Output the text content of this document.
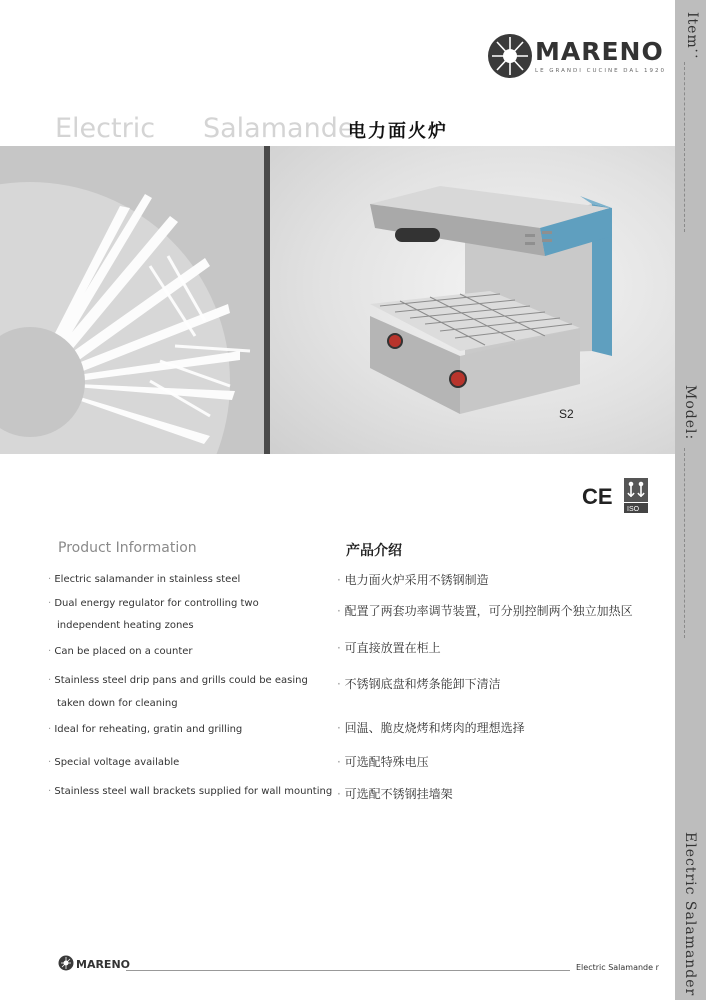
Item：
Model:
Electric Salamander
MARENO
LE GRANDI CUCINE DAL 1920
Electric Salamande
电力面火炉
S2
CE
ISO
Product Information	产品介绍
· Electric salamander in stainless steel
· Dual energy regulator for controlling two
independent heating zones
· Can be placed on a counter
· Stainless steel drip pans and grills could be easing
taken down for cleaning
· Ideal for reheating, gratin and grilling
· Special voltage available
· Stainless steel wall brackets supplied for wall mounting
· 电力面火炉采用不锈钢制造
· 配置了两套功率调节装置，可分别控制两个独立加热区
· 可直接放置在柜上
· 不锈钢底盘和烤条能卸下清洁
· 回温、脆皮烧烤和烤肉的理想选择
· 可选配特殊电压
· 可选配不锈钢挂墙架
MARENO	Electric Salamande r
